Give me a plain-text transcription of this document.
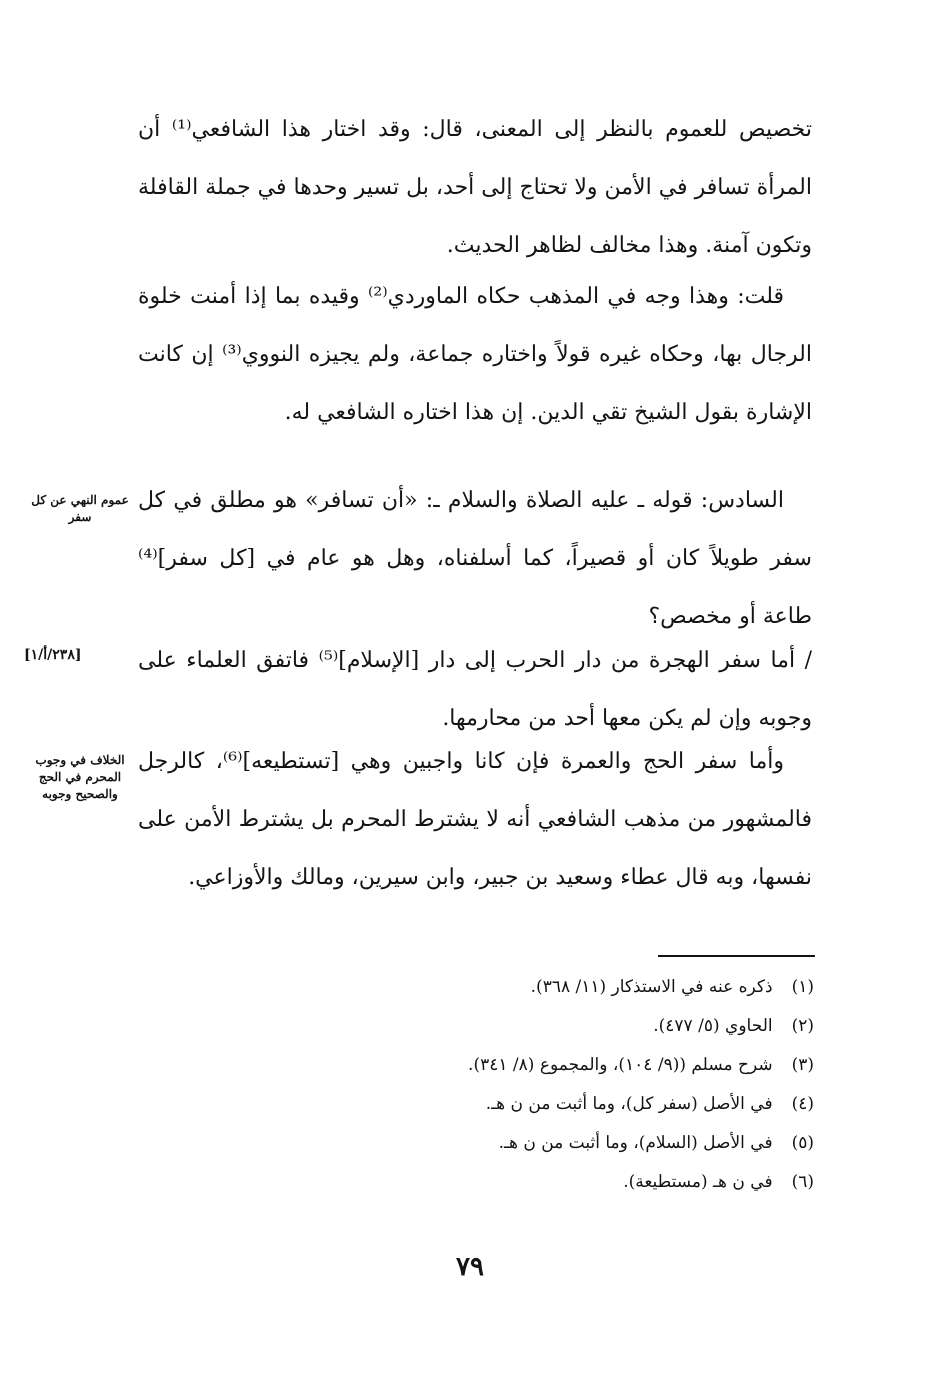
تخصيص للعموم بالنظر إلى المعنى، قال: وقد اختار هذا الشافعي⁽¹⁾ أن المرأة تسافر في الأمن ولا تحتاج إلى أحد، بل تسير وحدها في جملة القافلة وتكون آمنة. وهذا مخالف لظاهر الحديث.

قلت: وهذا وجه في المذهب حكاه الماوردي⁽²⁾ وقيده بما إذا أمنت خلوة الرجال بها، وحكاه غيره قولاً واختاره جماعة، ولم يجيزه النووي⁽³⁾ إن كانت الإشارة بقول الشيخ تقي الدين. إن هذا اختاره الشافعي له.

السادس: قوله ـ عليه الصلاة والسلام ـ: «أن تسافر» هو مطلق في كل سفر طويلاً كان أو قصيراً، كما أسلفناه، وهل هو عام في [كل سفر]⁽⁴⁾ طاعة أو مخصص؟

/ أما سفر الهجرة من دار الحرب إلى دار [الإسلام]⁽⁵⁾ فاتفق العلماء على وجوبه وإن لم يكن معها أحد من محارمها.

وأما سفر الحج والعمرة فإن كانا واجبين وهي [تستطيعه]⁽⁶⁾، كالرجل فالمشهور من مذهب الشافعي أنه لا يشترط المحرم بل يشترط الأمن على نفسها، وبه قال عطاء وسعيد بن جبير، وابن سيرين، ومالك والأوزاعي.

عموم النهي عن كل سفر
الخلاف في وجوب المحرم في الحج والصحيح وجوبه
[٢٣٨/أ/١]
(١) ذكره عنه في الاستذكار (١١/ ٣٦٨).
(٢) الحاوي (٥/ ٤٧٧).
(٣) شرح مسلم ((٩/ ١٠٤)، والمجموع (٨/ ٣٤١).
(٤) في الأصل (سفر كل)، وما أثبت من ن هـ.
(٥) في الأصل (السلام)، وما أثبت من ن هـ.
(٦) في ن هـ (مستطيعة).
٧٩
